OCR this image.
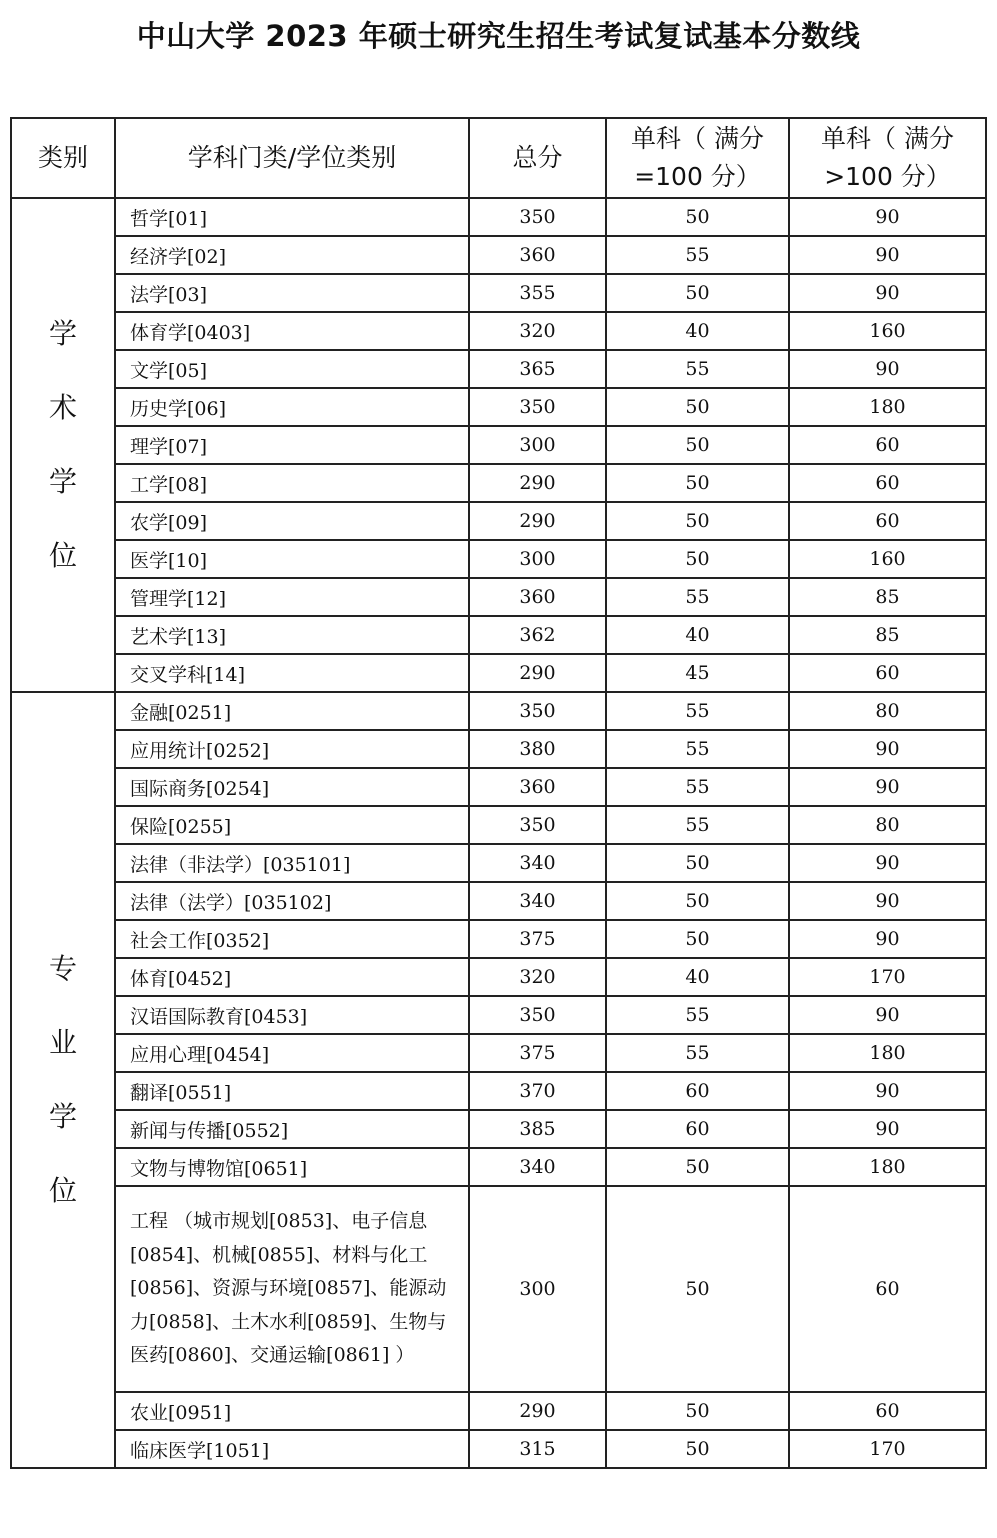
中山大学 2023 年硕士研究生招生考试复试基本分数线
类别	学科门类/学位类别	总分	单科（ 满分=100 分）	单科（ 满分>100 分）

学
术
学
位	哲学[01]	350	50	90
	经济学[02]	360	55	90
	法学[03]	355	50	90
	体育学[0403]	320	40	160
	文学[05]	365	55	90
	历史学[06]	350	50	180
	理学[07]	300	50	60
	工学[08]	290	50	60
	农学[09]	290	50	60
	医学[10]	300	50	160
	管理学[12]	360	55	85
	艺术学[13]	362	40	85
	交叉学科[14]	290	45	60

专
业
学
位	金融[0251]	350	55	80
	应用统计[0252]	380	55	90
	国际商务[0254]	360	55	90
	保险[0255]	350	55	80
	法律（非法学）[035101]	340	50	90
	法律（法学）[035102]	340	50	90
	社会工作[0352]	375	50	90
	体育[0452]	320	40	170
	汉语国际教育[0453]	350	55	90
	应用心理[0454]	375	55	180
	翻译[0551]	370	60	90
	新闻与传播[0552]	385	60	90
	文物与博物馆[0651]	340	50	180
	工程 （城市规划[0853]、电子信息[0854]、机械[0855]、材料与化工[0856]、资源与环境[0857]、能源动力[0858]、土木水利[0859]、生物与医药[0860]、交通运输[0861] ）	300	50	60
	农业[0951]	290	50	60
	临床医学[1051]	315	50	170
